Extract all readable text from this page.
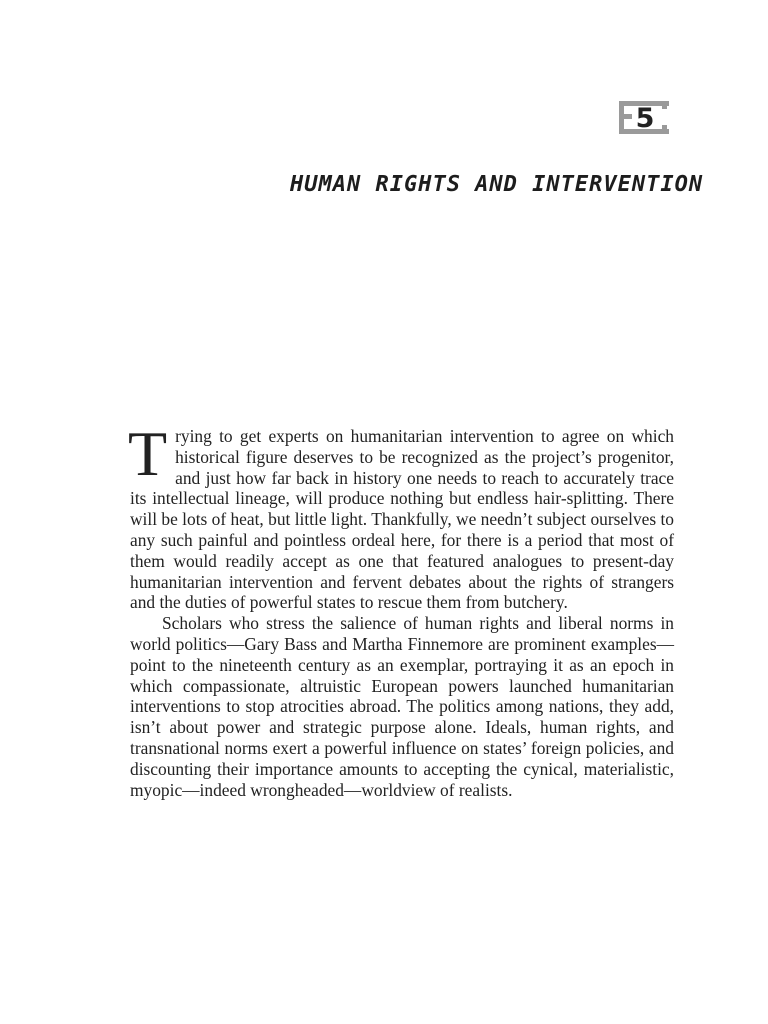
5
HUMAN RIGHTS AND INTERVENTION

Trying to get experts on humanitarian intervention to agree on which historical figure deserves to be recognized as the project’s progenitor, and just how far back in history one needs to reach to accurately trace its intellectual lineage, will produce nothing but endless hair-splitting. There will be lots of heat, but little light. Thankfully, we needn’t subject ourselves to any such painful and pointless ordeal here, for there is a period that most of them would readily accept as one that featured analogues to present-day humanitarian intervention and fervent debates about the rights of strangers and the duties of powerful states to rescue them from butchery.

Scholars who stress the salience of human rights and liberal norms in world politics—Gary Bass and Martha Finnemore are prominent examples—point to the nineteenth century as an exemplar, portraying it as an epoch in which compassionate, altruistic European powers launched humanitarian interventions to stop atrocities abroad. The politics among nations, they add, isn’t about power and strategic purpose alone. Ideals, human rights, and transnational norms exert a powerful influence on states’ foreign policies, and discounting their importance amounts to accepting the cynical, materialistic, myopic—indeed wrongheaded—worldview of realists.
